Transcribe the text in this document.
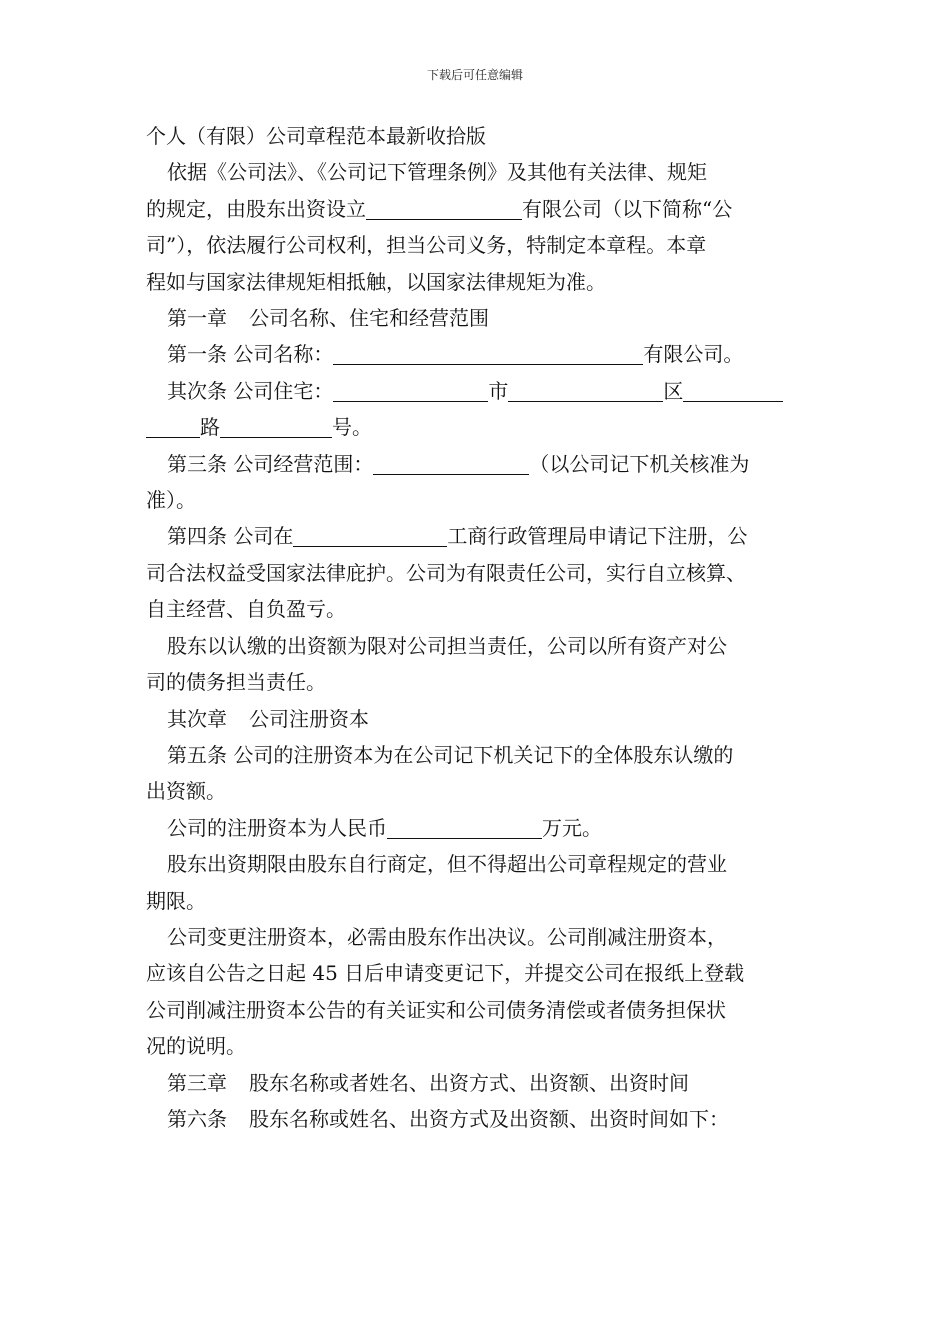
下载后可任意编辑

个人（有限）公司章程范本最新收拾版

依据《公司法》、《公司记下管理条例》及其他有关法律、规矩

的规定，由股东出资设立	有限公司（以下简称“公

司”），依法履行公司权利，担当公司义务，特制定本章程。本章

程如与国家法律规矩相抵触，以国家法律规矩为准。

第一章 公司名称、住宅和经营范围

第一条 公司名称：	有限公司。

其次条 公司住宅：	市	区

路	号。

第三条 公司经营范围：	（以公司记下机关核准为

准）。

第四条 公司在	工商行政管理局申请记下注册，公

司合法权益受国家法律庇护。公司为有限责任公司，实行自立核算、

自主经营、自负盈亏。

股东以认缴的出资额为限对公司担当责任，公司以所有资产对公

司的债务担当责任。

其次章 公司注册资本

第五条 公司的注册资本为在公司记下机关记下的全体股东认缴的

出资额。

公司的注册资本为人民币	万元。

股东出资期限由股东自行商定，但不得超出公司章程规定的营业

期限。

公司变更注册资本，必需由股东作出决议。公司削减注册资本，

应该自公告之日起 45 日后申请变更记下，并提交公司在报纸上登载

公司削减注册资本公告的有关证实和公司债务清偿或者债务担保状

况的说明。

第三章 股东名称或者姓名、出资方式、出资额、出资时间

第六条 股东名称或姓名、出资方式及出资额、出资时间如下：
